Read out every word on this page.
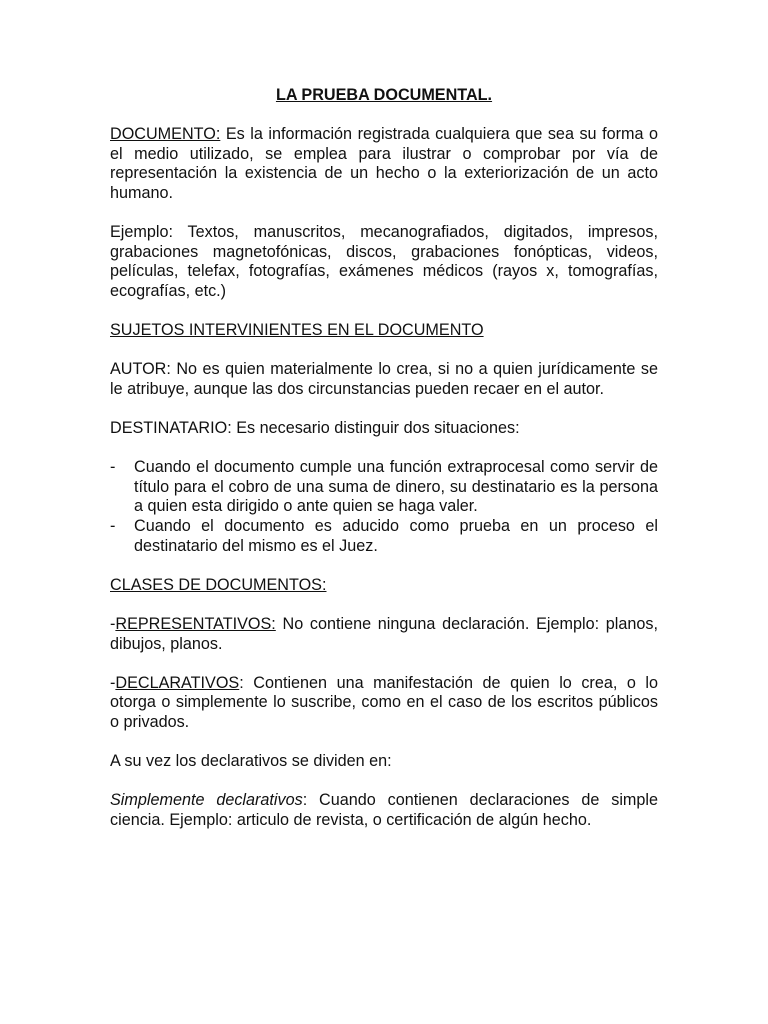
LA PRUEBA DOCUMENTAL.

DOCUMENTO: Es la información registrada cualquiera que sea su forma o el medio utilizado, se emplea para ilustrar o comprobar por vía de representación la existencia de un hecho o la exteriorización de un acto humano.

Ejemplo: Textos, manuscritos, mecanografiados, digitados, impresos, grabaciones magnetofónicas, discos, grabaciones fonópticas, videos, películas, telefax, fotografías, exámenes médicos (rayos x, tomografías, ecografías, etc.)

SUJETOS INTERVINIENTES EN EL DOCUMENTO

AUTOR: No es quien materialmente lo crea, si no a quien jurídicamente se le atribuye, aunque las dos circunstancias pueden recaer en el autor.

DESTINATARIO: Es necesario distinguir dos situaciones:

- Cuando el documento cumple una función extraprocesal como servir de título para el cobro de una suma de dinero, su destinatario es la persona a quien esta dirigido o ante quien se haga valer.
- Cuando el documento es aducido como prueba en un proceso el destinatario del mismo es el Juez.
CLASES DE DOCUMENTOS:

-REPRESENTATIVOS: No contiene ninguna declaración. Ejemplo: planos, dibujos, planos.

-DECLARATIVOS: Contienen una manifestación de quien lo crea, o lo otorga o simplemente lo suscribe, como en el caso de los escritos públicos o privados.

A su vez los declarativos se dividen en:

Simplemente declarativos: Cuando contienen declaraciones de simple ciencia. Ejemplo: articulo de revista, o certificación de algún hecho.
